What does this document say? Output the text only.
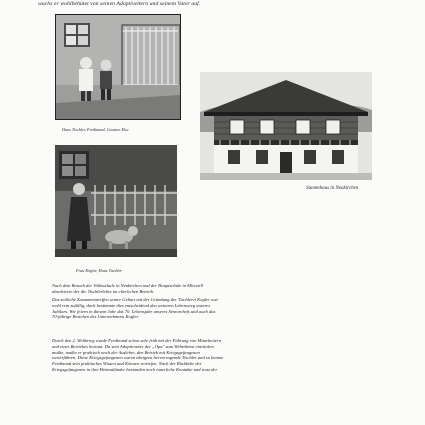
wuchs er wohlbehütet von seinen Adoptiveltern und seinem Vater auf.
Haus Tischler, Ferdinand, Cousine Else
Frau Kögler, Haus Tischler
Stammhaus in Neukirchen
Nach dem Besuch der Volksschule in Neukirchen und der Hauptschule in Mitersill
absolvierte der die Tischlerlehre im elterlichen Betrieb.
Das zeitliche Zusammentreffen seiner Geburt mit der Gründung der Tischlerei Kogler war
wohl rein zufällig, doch bestimmte dies entscheidend den weiteren Lebensweg unseres
Jubilars. Wir feiern in diesem Jahr das 70. Lebensjahr unseres Seniorchefs und auch das
70-jährige Bestehen des Unternehmens Kogler.
Durch den 2. Weltkrieg wurde Ferdinand schon sehr früh mit der Führung von Mitarbeitern
und eines Betriebes betraut. Da sein Adoptivvater der „Opa" zum Wehrdienst einrücken
mußte, mußte er praktisch nach der Auslehre, den Betrieb mit Kriegsgefangenen
weiterführen. Diese Kriegsgefangenen waren übrigens hervorragende Tischler und so konnte
Ferdinand sein praktisches Wissen und Können vertiefen. Nach der Rückkehr der
Kriegsgefangenen in ihre Heimatländer bestanden noch innerliche Kontakte und trotz der
